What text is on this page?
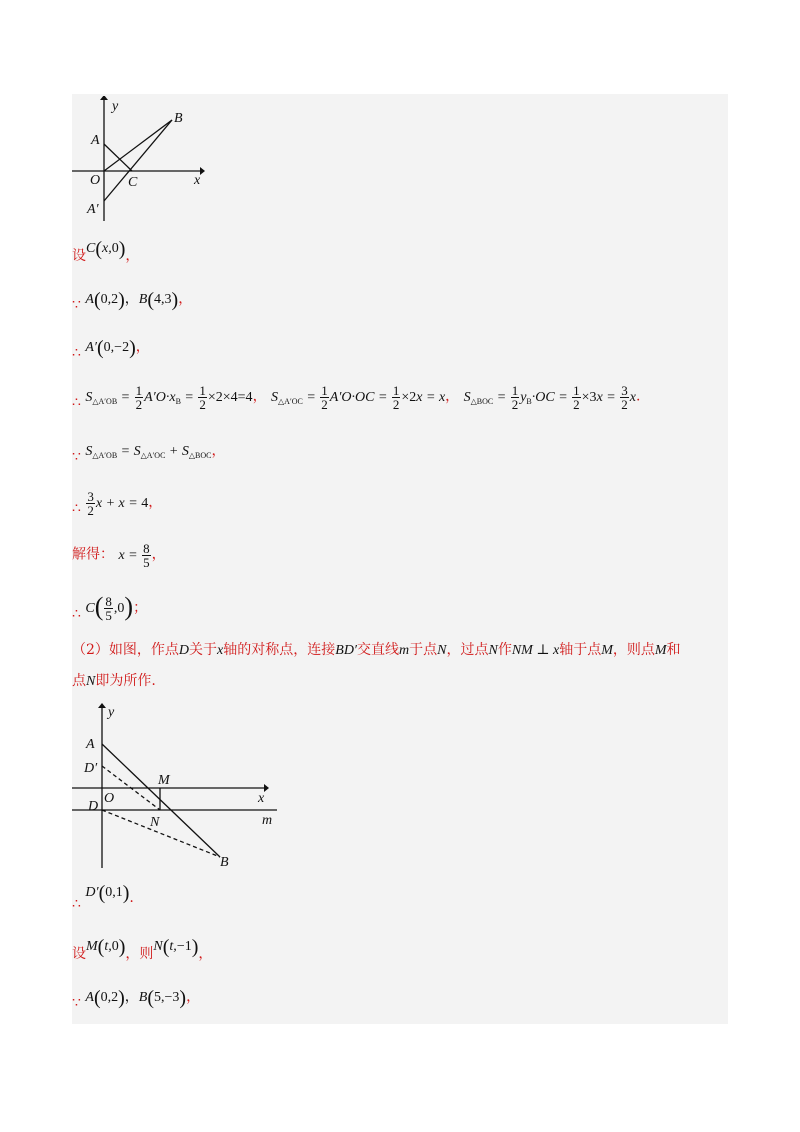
y
x
A
B
O C
A′
设C(x,0)，
∵ A(0,2)，B(4,3)，
∴ A′(0,−2)，
∴ $S_{\triangle A'OB} = \frac{1}{2} A'O\cdot x_B = \frac{1}{2} \times 2\times 4=4$， $S_{\triangle A'OC} = \frac{1}{2} A'O\cdot OC = \frac{1}{2} \times 2x = x$， $S_{\triangle BOC} = \frac{1}{2} y_B\cdot OC = \frac{1}{2} \times 3x = \frac{3}{2} x$.
∵ $S_{\triangle A'OB} = S_{\triangle A'OC} + S_{\triangle BOC}$，
∴ $\frac{3}{2}$ x + x = 4，
解得： $x = \frac{8}{5}$ ，
∴ $C( \frac{8}{5} ,0)$；
（2）如图，作点D关于x轴的对称点，连接BD′交直线m于点N，过点N作NM ⊥ x轴于点M，则点M和
点N即为所作.
y
x
A
D′
D
O
M
N	m
B
∴ D′(0,1).
设M(t,0)，则N(t,−1)，
∵ A(0,2)，B(5,−3)，
